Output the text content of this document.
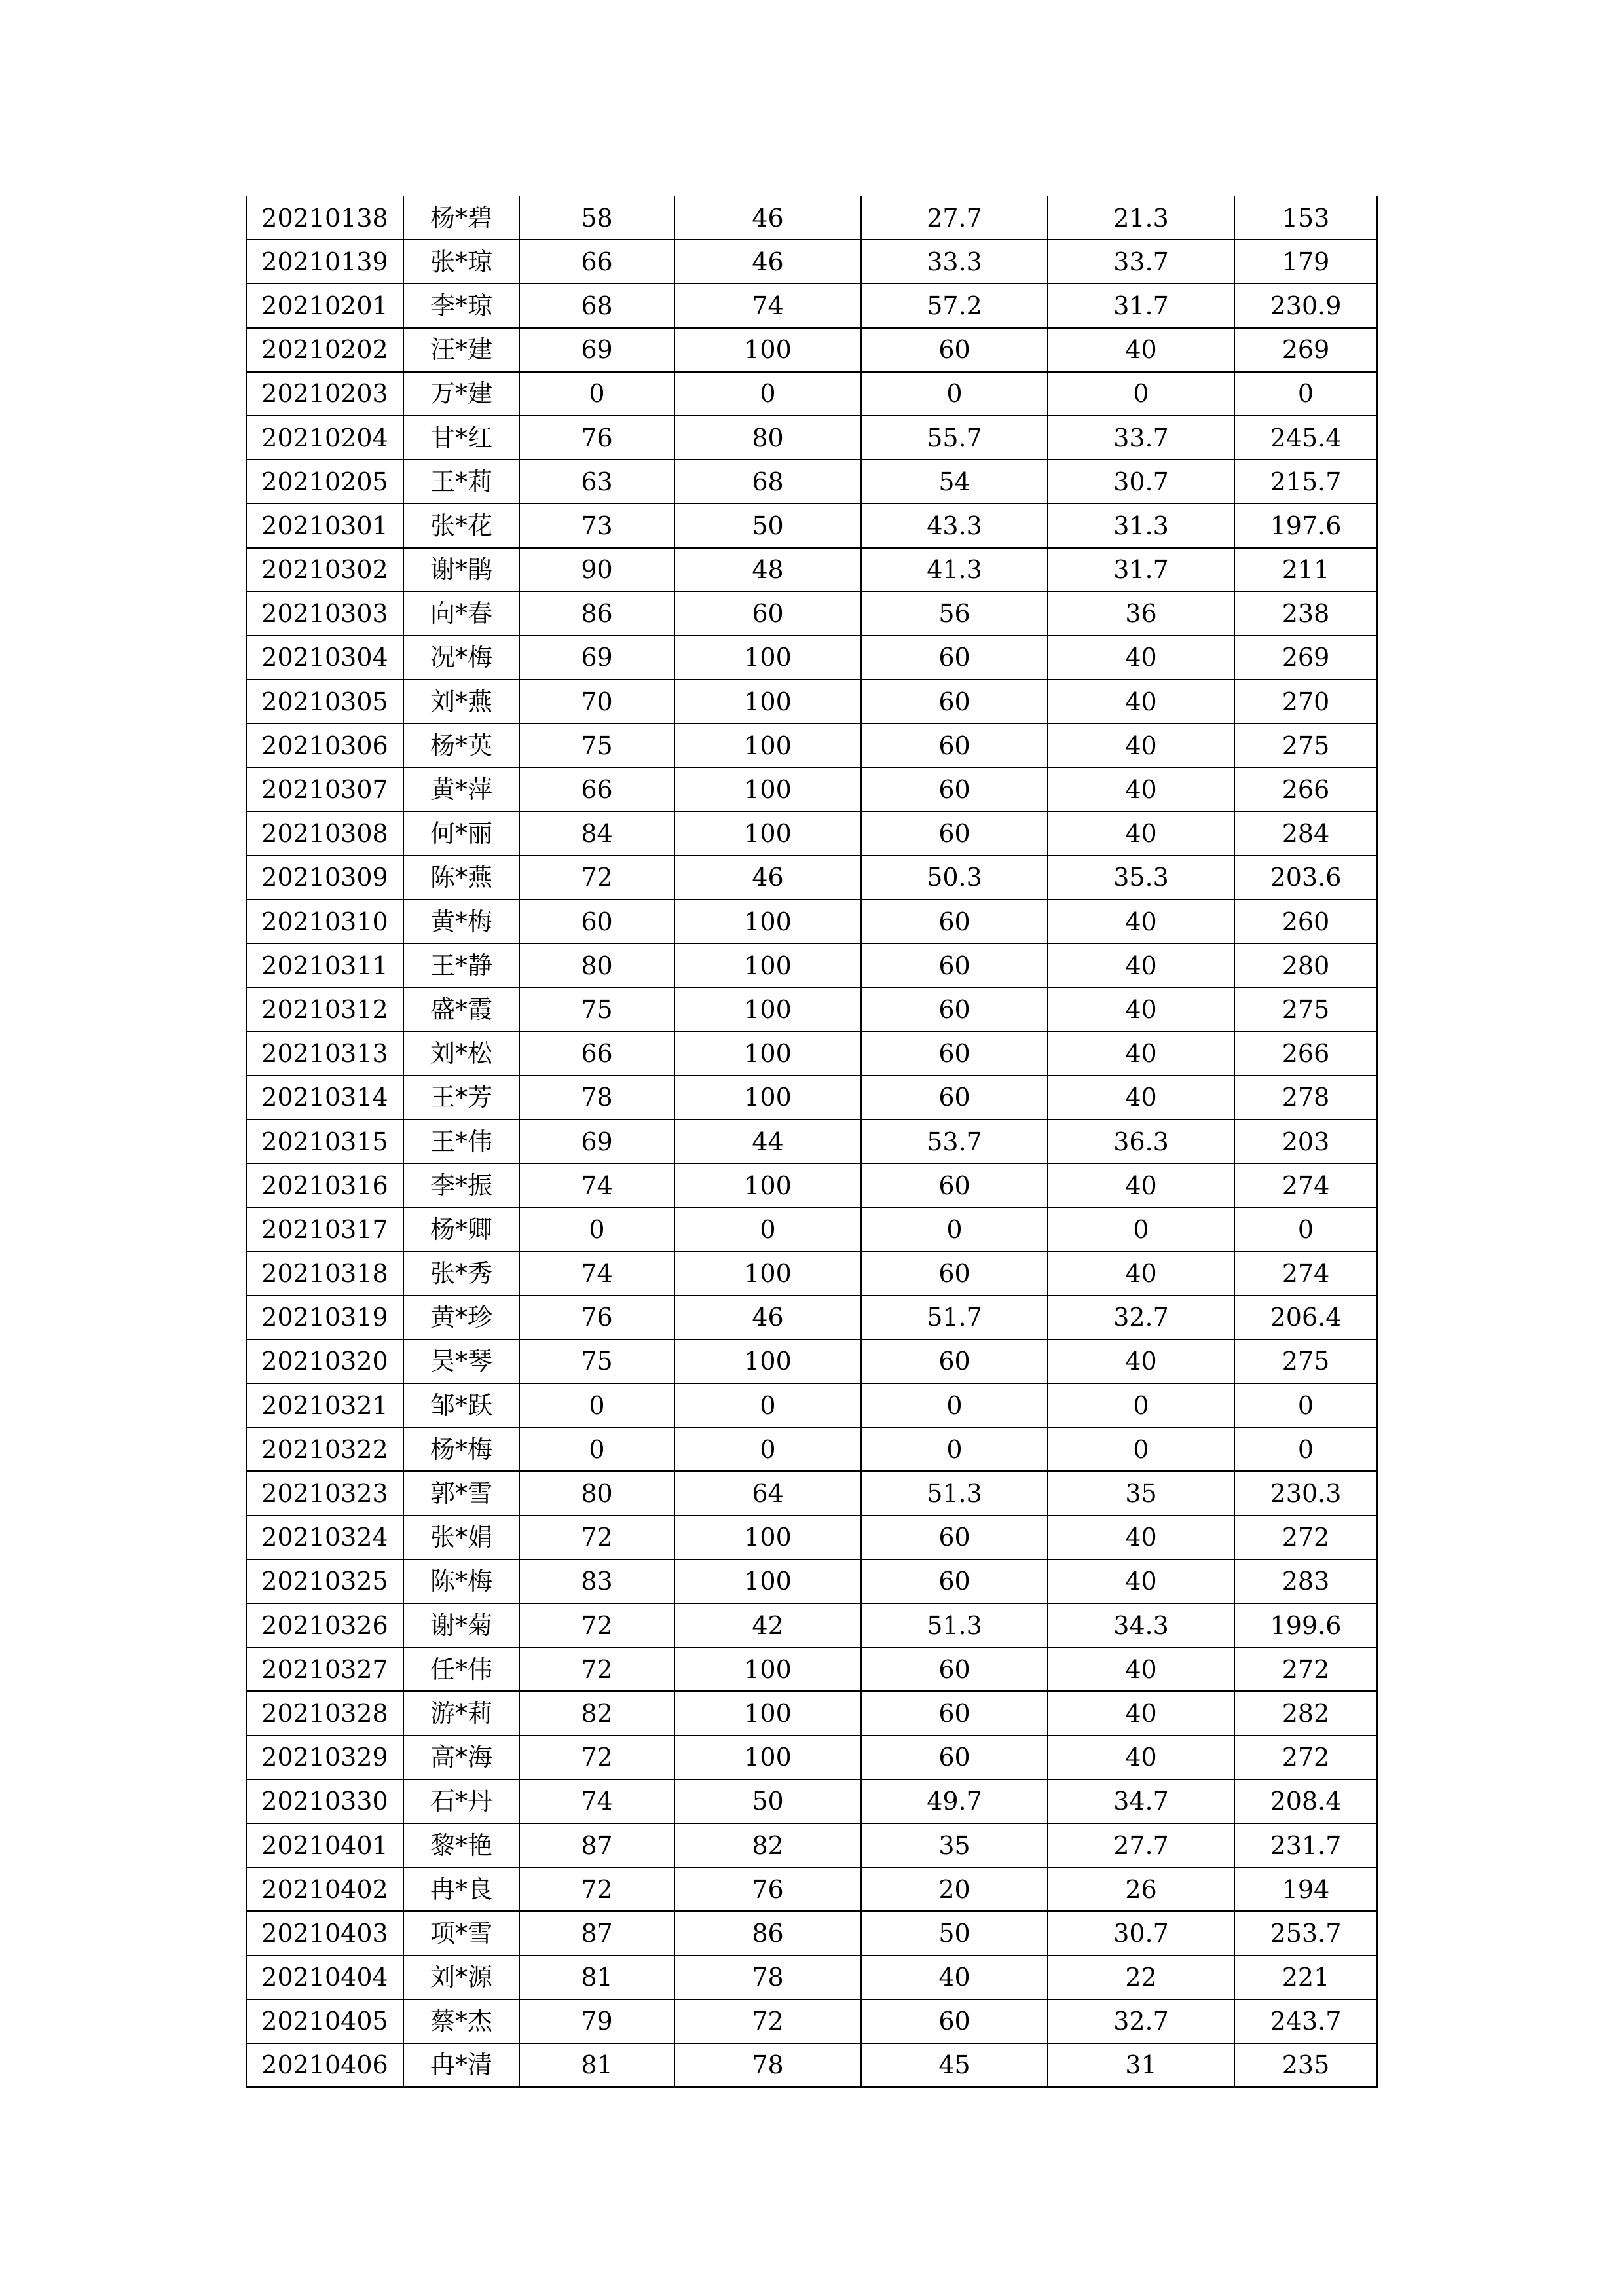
20210138	杨*碧	58	46	27.7	21.3	153
20210139	张*琼	66	46	33.3	33.7	179
20210201	李*琼	68	74	57.2	31.7	230.9
20210202	汪*建	69	100	60	40	269
20210203	万*建	0	0	0	0	0
20210204	甘*红	76	80	55.7	33.7	245.4
20210205	王*莉	63	68	54	30.7	215.7
20210301	张*花	73	50	43.3	31.3	197.6
20210302	谢*鹃	90	48	41.3	31.7	211
20210303	向*春	86	60	56	36	238
20210304	况*梅	69	100	60	40	269
20210305	刘*燕	70	100	60	40	270
20210306	杨*英	75	100	60	40	275
20210307	黄*萍	66	100	60	40	266
20210308	何*丽	84	100	60	40	284
20210309	陈*燕	72	46	50.3	35.3	203.6
20210310	黄*梅	60	100	60	40	260
20210311	王*静	80	100	60	40	280
20210312	盛*霞	75	100	60	40	275
20210313	刘*松	66	100	60	40	266
20210314	王*芳	78	100	60	40	278
20210315	王*伟	69	44	53.7	36.3	203
20210316	李*振	74	100	60	40	274
20210317	杨*卿	0	0	0	0	0
20210318	张*秀	74	100	60	40	274
20210319	黄*珍	76	46	51.7	32.7	206.4
20210320	吴*琴	75	100	60	40	275
20210321	邹*跃	0	0	0	0	0
20210322	杨*梅	0	0	0	0	0
20210323	郭*雪	80	64	51.3	35	230.3
20210324	张*娟	72	100	60	40	272
20210325	陈*梅	83	100	60	40	283
20210326	谢*菊	72	42	51.3	34.3	199.6
20210327	任*伟	72	100	60	40	272
20210328	游*莉	82	100	60	40	282
20210329	高*海	72	100	60	40	272
20210330	石*丹	74	50	49.7	34.7	208.4
20210401	黎*艳	87	82	35	27.7	231.7
20210402	冉*良	72	76	20	26	194
20210403	项*雪	87	86	50	30.7	253.7
20210404	刘*源	81	78	40	22	221
20210405	蔡*杰	79	72	60	32.7	243.7
20210406	冉*清	81	78	45	31	235
